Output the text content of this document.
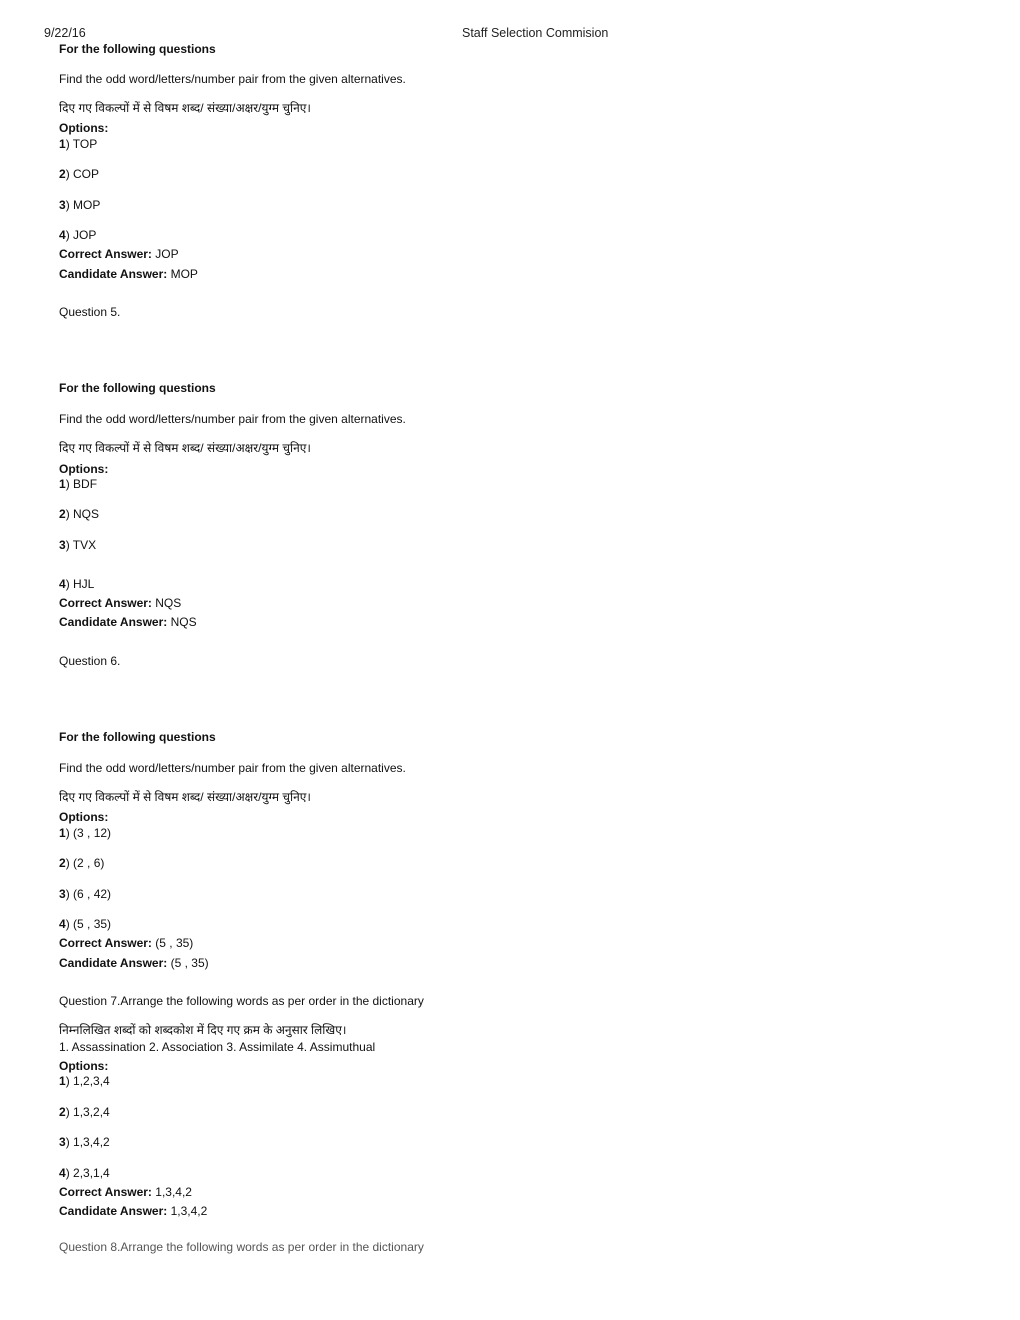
9/22/16	Staff Selection Commision
For the following questions
Find the odd word/letters/number pair from the given alternatives.
दिए गए विकल्पों में से विषम शब्द/ संख्या/अक्षर/युग्म चुनिए।
Options:
1) TOP
2) COP
3) MOP
4) JOP
Correct Answer: JOP
Candidate Answer: MOP
Question 5.
For the following questions
Find the odd word/letters/number pair from the given alternatives.
दिए गए विकल्पों में से विषम शब्द/ संख्या/अक्षर/युग्म चुनिए।
Options:
1) BDF
2) NQS
3) TVX
4) HJL
Correct Answer: NQS
Candidate Answer: NQS
Question 6.
For the following questions
Find the odd word/letters/number pair from the given alternatives.
दिए गए विकल्पों में से विषम शब्द/ संख्या/अक्षर/युग्म चुनिए।
Options:
1) (3 , 12)
2) (2 , 6)
3) (6 , 42)
4) (5 , 35)
Correct Answer: (5 , 35)
Candidate Answer: (5 , 35)
Question 7.Arrange the following words as per order in the dictionary
निम्नलिखित शब्दों को शब्दकोश में दिए गए क्रम के अनुसार लिखिए।
1. Assassination 2. Association 3. Assimilate 4. Assimuthual
Options:
1) 1,2,3,4
2) 1,3,2,4
3) 1,3,4,2
4) 2,3,1,4
Correct Answer: 1,3,4,2
Candidate Answer: 1,3,4,2
Question 8.Arrange the following words as per order in the dictionary
